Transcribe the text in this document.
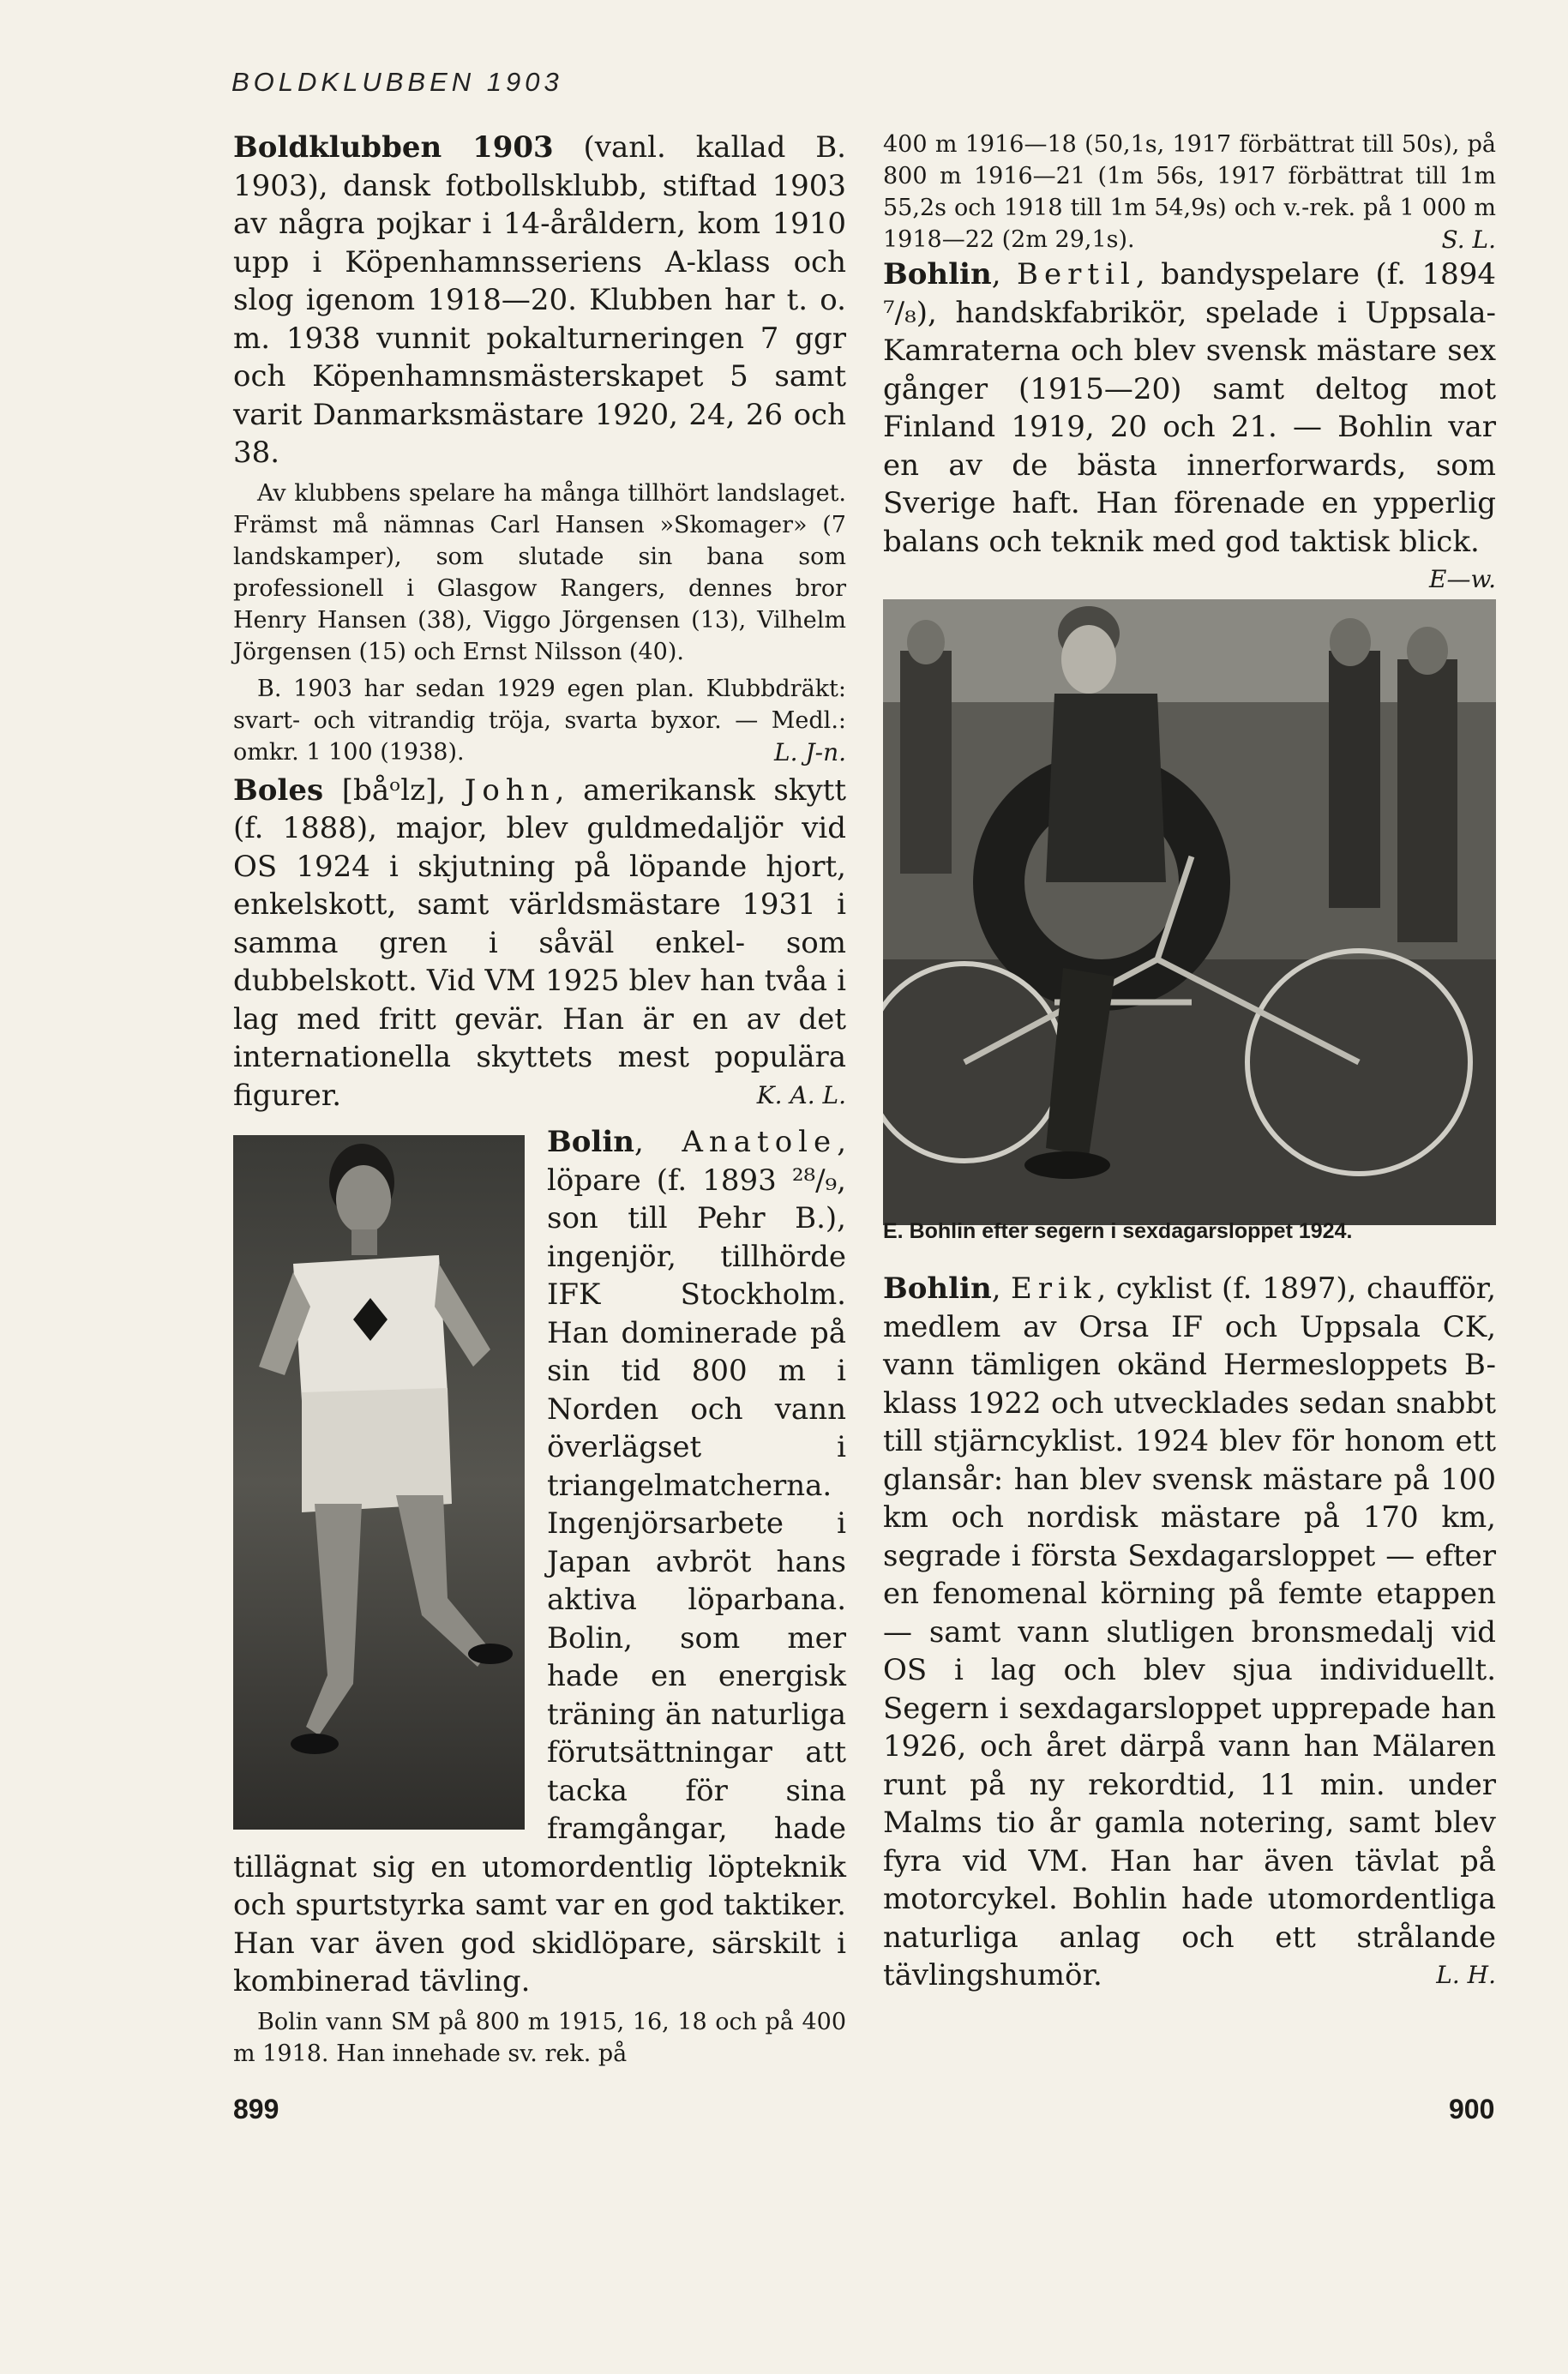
BOLDKLUBBEN 1903

Boldklubben 1903 (vanl. kallad B. 1903), dansk fotbollsklubb, stiftad 1903 av några pojkar i 14-åråldern, kom 1910 upp i Köpenhamnsseriens A-klass och slog igenom 1918—20. Klubben har t. o. m. 1938 vunnit pokalturneringen 7 ggr och Köpenhamnsmästerskapet 5 samt varit Danmarksmästare 1920, 24, 26 och 38.

Av klubbens spelare ha många tillhört landslaget. Främst må nämnas Carl Hansen »Skomager» (7 landskamper), som slutade sin bana som professionell i Glasgow Rangers, dennes bror Henry Hansen (38), Viggo Jörgensen (13), Vilhelm Jörgensen (15) och Ernst Nilsson (40).

B. 1903 har sedan 1929 egen plan. Klubbdräkt: svart- och vitrandig tröja, svarta byxor. — Medl.: omkr. 1 100 (1938).	L. J-n.

Boles [båᵒlz], John, amerikansk skytt (f. 1888), major, blev guldmedaljör vid OS 1924 i skjutning på löpande hjort, enkelskott, samt världsmästare 1931 i samma gren i såväl enkel- som dubbelskott. Vid VM 1925 blev han tvåa i lag med fritt gevär. Han är en av det internationella skyttets mest populära figurer.	K. A. L.

Bolin, Anatole, löpare (f. 1893 ²⁸/₉, son till Pehr B.), ingenjör, tillhörde IFK Stockholm. Han dominerade på sin tid 800 m i Norden och vann överlägset i triangelmatcherna. Ingenjörsarbete i Japan avbröt hans aktiva löparbana. Bolin, som mer hade en energisk träning än naturliga förutsättningar att tacka för sina framgångar, hade tillägnat sig en utomordentlig löpteknik och spurtstyrka samt var en god taktiker. Han var även god skidlöpare, särskilt i kombinerad tävling.

Bolin vann SM på 800 m 1915, 16, 18 och på 400 m 1918. Han innehade sv. rek. på

400 m 1916—18 (50,1s, 1917 förbättrat till 50s), på 800 m 1916—21 (1m 56s, 1917 förbättrat till 1m 55,2s och 1918 till 1m 54,9s) och v.-rek. på 1 000 m 1918—22 (2m 29,1s).	S. L.

Bohlin, Bertil, bandyspelare (f. 1894 ⁷/₈), handskfabrikör, spelade i Uppsala-Kamraterna och blev svensk mästare sex gånger (1915—20) samt deltog mot Finland 1919, 20 och 21. — Bohlin var en av de bästa innerforwards, som Sverige haft. Han förenade en ypperlig balans och teknik med god taktisk blick.
E—w.

E. Bohlin efter segern i sexdagarsloppet 1924.

Bohlin, Erik, cyklist (f. 1897), chaufför, medlem av Orsa IF och Uppsala CK, vann tämligen okänd Hermesloppets B-klass 1922 och utvecklades sedan snabbt till stjärncyklist. 1924 blev för honom ett glansår: han blev svensk mästare på 100 km och nordisk mästare på 170 km, segrade i första Sexdagarsloppet — efter en fenomenal körning på femte etappen — samt vann slutligen bronsmedalj vid OS i lag och blev sjua individuellt. Segern i sexdagarsloppet upprepade han 1926, och året därpå vann han Mälaren runt på ny rekordtid, 11 min. under Malms tio år gamla notering, samt blev fyra vid VM. Han har även tävlat på motorcykel. Bohlin hade utomordentliga naturliga anlag och ett strålande tävlingshumör.	L. H.

899	900
